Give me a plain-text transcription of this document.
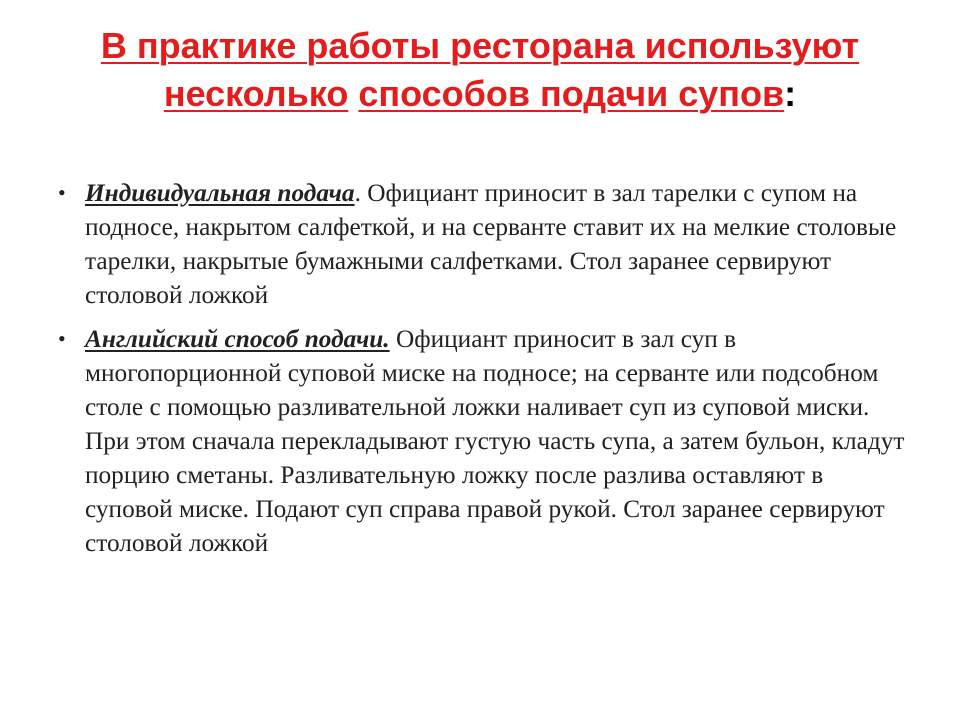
В практике работы ресторана используют
несколько способов подачи супов:
• Индивидуальная подача. Официант приносит в зал тарелки с супом на подносе, накрытом салфеткой, и на серванте ставит их на мелкие столовые тарелки, накрытые бумажными салфетками. Стол заранее сервируют столовой ложкой
• Английский способ подачи. Официант приносит в зал суп в многопорционной суповой миске на подносе; на серванте или подсобном столе с помощью разливательной ложки наливает суп из суповой миски. При этом сначала перекладывают густую часть супа, а затем бульон, кладут порцию сметаны. Разливательную ложку после разлива оставляют в суповой миске. Подают суп справа правой рукой. Стол заранее сервируют столовой ложкой
